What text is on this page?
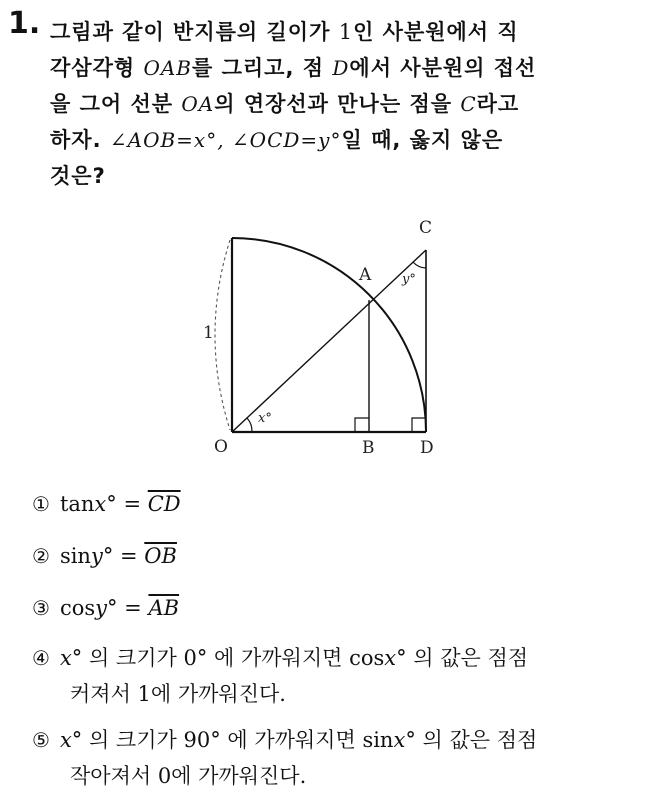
1. 그림과 같이 반지름의 길이가 1인 사분원에서 직
각삼각형 OAB를 그리고, 점 D에서 사분원의 접선
을 그어 선분 OA의 연장선과 만나는 점을 C라고
하자. ∠AOB=x°, ∠OCD=y°일 때, 옳지 않은
것은?
1
O	B	D
A
C
x°
y°
① $\tan x^\circ = \overline{CD}$
② $\sin y^\circ = \overline{OB}$
③ $\cos y^\circ = \overline{AB}$
④ x° 의 크기가 0° 에 가까워지면 cosx° 의 값은 점점
커져서 1에 가까워진다.
⑤ x° 의 크기가 90° 에 가까워지면 sinx° 의 값은 점점
작아져서 0에 가까워진다.
